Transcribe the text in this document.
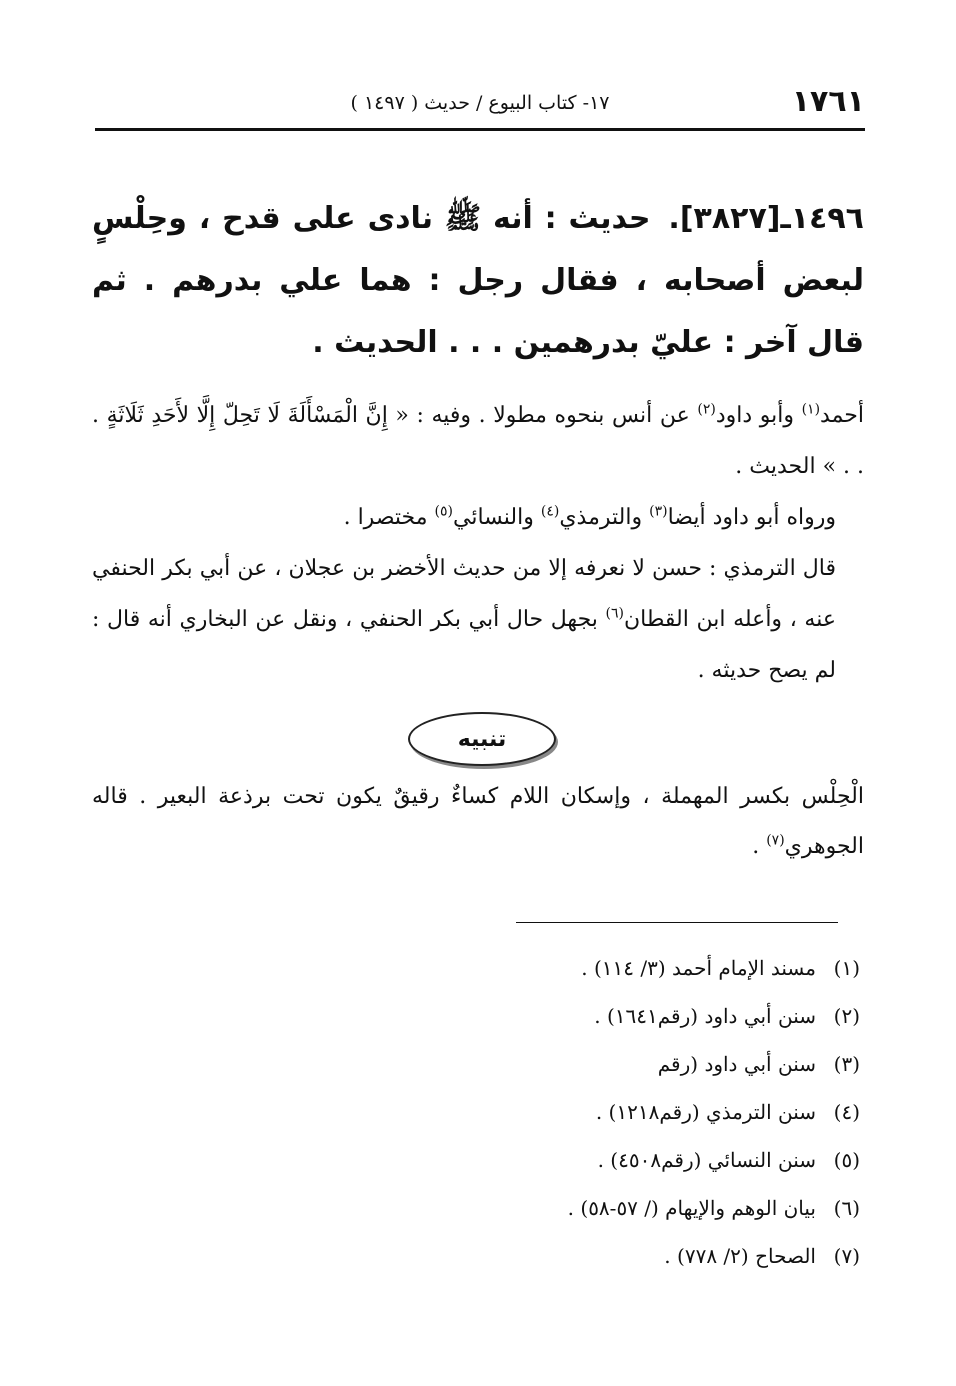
١٧٦١
١٧- كتاب البيوع / حديث ( ١٤٩٧ )
١٤٩٦ـ[٣٨٢٧]. حديث : أنه ﷺ نادى على قدح ، وحِلْسٍ لبعض أصحابه ، فقال رجل : هما علي بدرهم . ثم قال آخر : عليّ بدرهمين . . . الحديث .

أحمد$^{(١)}$ وأبو داود$^{(٢)}$ عن أنس بنحوه مطولا . وفيه : « إِنَّ الْمَسْأَلَةَ لَا تَحِلّ إِلَّا لأَحَدِ ثَلَاثَةٍ . . . » الحديث .

ورواه أبو داود أيضا$^{(٣)}$ والترمذي$^{(٤)}$ والنسائي$^{(٥)}$ مختصرا .

قال الترمذي : حسن لا نعرفه إلا من حديث الأخضر بن عجلان ، عن أبي بكر الحنفي عنه ، وأعله ابن القطان$^{(٦)}$ بجهل حال أبي بكر الحنفي ، ونقل عن البخاري أنه قال : لم يصح حديثه .

تنبيه

الْحِلْس بكسر المهملة ، وإسكان اللام كساءٌ رقيقٌ يكون تحت برذعة البعير . قاله الجوهري$^{(٧)}$ .

(١)
مسند الإمام أحمد (٣/ ١١٤) .
(٢)
سنن أبي داود (رقم١٦٤١) .
(٣)
سنن أبي داود (رقم
(٤)
سنن الترمذي (رقم١٢١٨) .
(٥)
سنن النسائي (رقم٤٥٠٨) .
(٦)
بيان الوهم والإيهام (/ ٥٧-٥٨) .
(٧)
الصحاح (٢/ ٧٧٨) .
